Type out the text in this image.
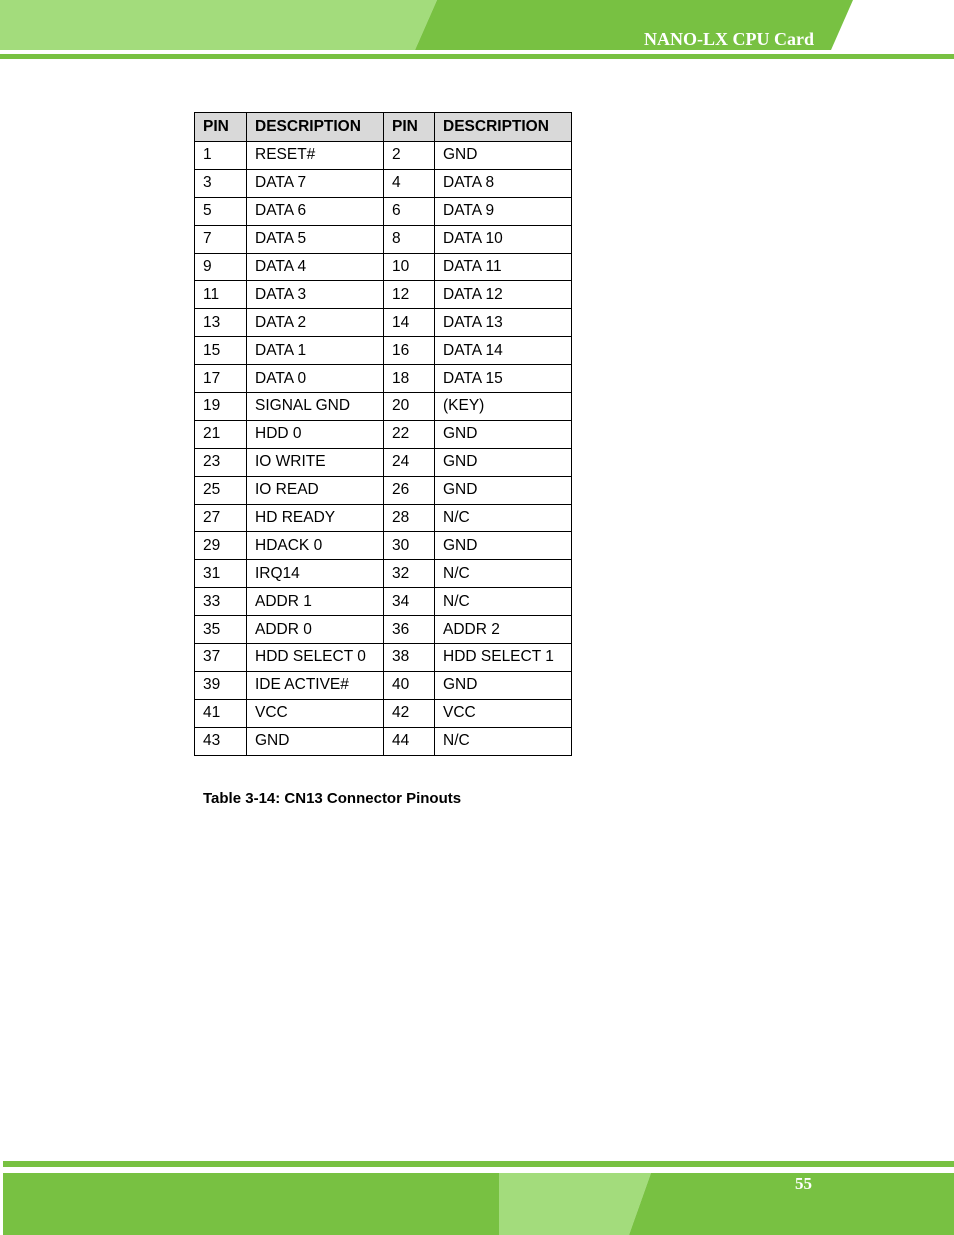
NANO-LX CPU Card
PIN	DESCRIPTION	PIN	DESCRIPTION
1	RESET#	2	GND
3	DATA 7	4	DATA 8
5	DATA 6	6	DATA 9
7	DATA 5	8	DATA 10
9	DATA 4	10	DATA 11
11	DATA 3	12	DATA 12
13	DATA 2	14	DATA 13
15	DATA 1	16	DATA 14
17	DATA 0	18	DATA 15
19	SIGNAL GND	20	(KEY)
21	HDD 0	22	GND
23	IO WRITE	24	GND
25	IO READ	26	GND
27	HD READY	28	N/C
29	HDACK 0	30	GND
31	IRQ14	32	N/C
33	ADDR 1	34	N/C
35	ADDR 0	36	ADDR 2
37	HDD SELECT 0	38	HDD SELECT 1
39	IDE ACTIVE#	40	GND
41	VCC	42	VCC
43	GND	44	N/C
Table 3-14: CN13 Connector Pinouts
55
